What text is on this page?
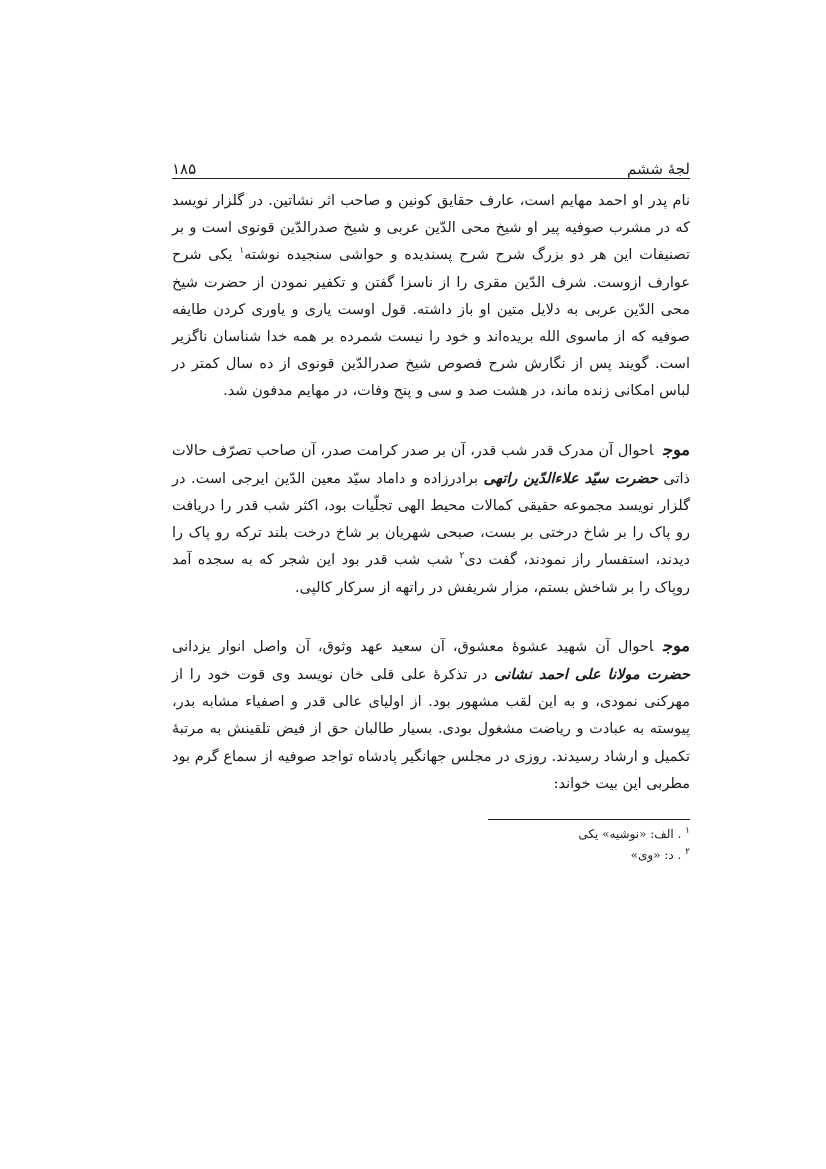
لجۀ ششم
۱۸۵

نام پدر او احمد مهایم است، عارف حقایق کونین و صاحب اثر نشاتین. در گلزار نویسد که در مشرب صوفیه پیر او شیخ محی الدّین عربی و شیخ صدرالدّین قونوی است و بر تصنیفات این هر دو بزرگ شرح شرح پسندیده و حواشی سنجیده نوشته$^۱$ یکی شرح عوارف ازوست. شرف الدّین مقری را از ناسزا گفتن و تکفیر نمودن از حضرت شیخ محی الدّین عربی به دلایل متین او باز داشته. قول اوست یاری و یاوری کردن طایفه صوفیه که از ماسوی الله بریده‌اند و خود را نیست شمرده بر همه خدا شناسان ناگزیر است. گویند پس از نگارش شرح فصوص شیخ صدرالدّین قونوی از ده سال کمتر در لباس امکانی زنده ماند، در هشت صد و سی و پنج وفات، در مهایم مدفون شد.

موجاحوال آن مدرک قدر شب قدر، آن بر صدر کرامت صدر، آن صاحب تصرّف حالات ذاتی حضرت سیّد علاءالدّین راتهی برادرزاده و داماد سیّد معین الدّین ایرجی است. در گلزار نویسد مجموعه حقیقی کمالات محیط الهی تجلّیات بود، اکثر شب قدر را دریافت رو پاک را بر شاخ درختی بر بست، صبحی شهریان بر شاخ درخت بلند ترکه رو پاک را دیدند، استفسار راز نمودند، گفت دی$^۲$ شب شب قدر بود این شجر که به سجده آمد روپاک را بر شاخش بستم، مزار شریفش در راتهه از سرکار کالپی.

موجاحوال آن شهید عشوۀ معشوق، آن سعید عهد وثوق، آن واصل انوار یزدانی حضرت مولانا علی احمد نشانی در تذکرۀ علی قلی خان نویسد وی قوت خود را از مهرکنی نمودی، و به این لقب مشهور بود. از اولیای عالی قدر و اصفیاء مشابه بدر، پیوسته به عبادت و ریاضت مشغول بودی. بسیار طالبان حق از فیض تلقینش به مرتبۀ تکمیل و ارشاد رسیدند. روزی در مجلس جهانگیر پادشاه تواجد صوفیه از سماع گرم بود مطربی این بیت خواند:

$^۱$ . الف: «نوشیه» یکی

$^۲$ . د: «وی»
